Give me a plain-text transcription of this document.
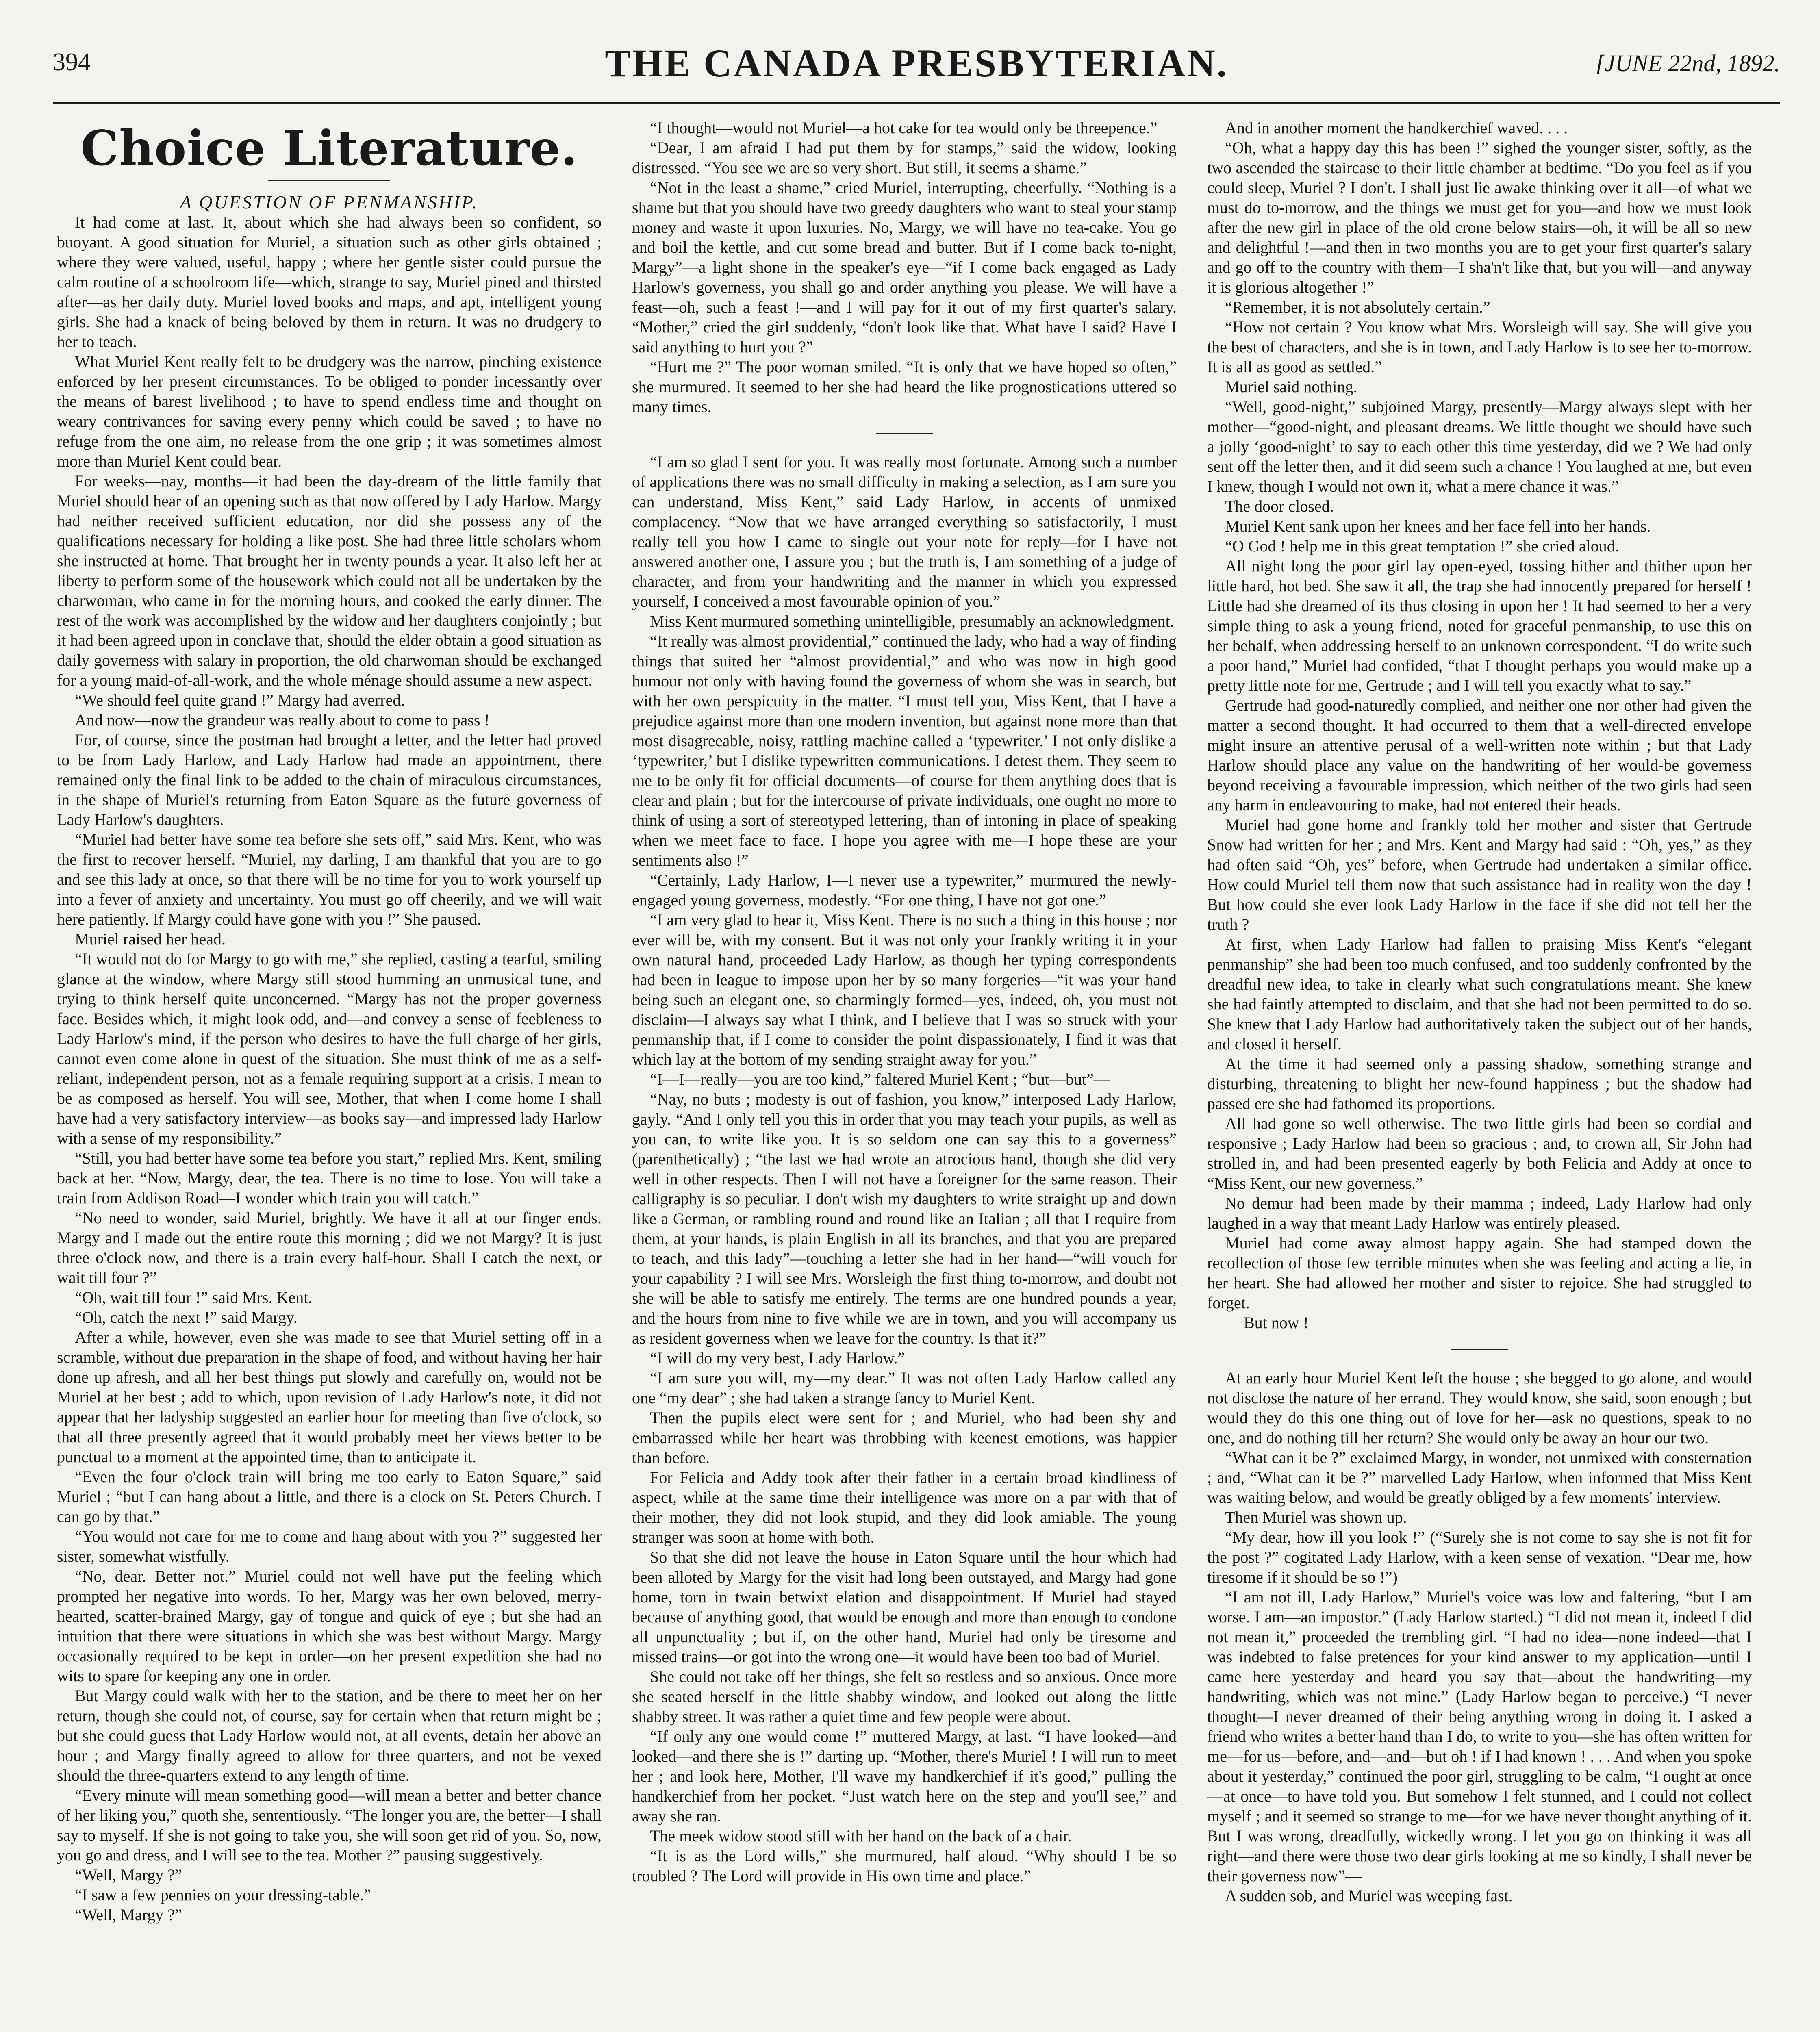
394	THE CANADA PRESBYTERIAN.	[JUNE 22nd, 1892.
Choice Literature.

A QUESTION OF PENMANSHIP.

It had come at last. It, about which she had always been so confident, so buoyant. A good situation for Muriel, a situation such as other girls obtained ; where they were valued, useful, happy ; where her gentle sister could pursue the calm routine of a schoolroom life—which, strange to say, Muriel pined and thirsted after—as her daily duty. Muriel loved books and maps, and apt, intelligent young girls. She had a knack of being beloved by them in return. It was no drudgery to her to teach.

What Muriel Kent really felt to be drudgery was the narrow, pinching existence enforced by her present circumstances. To be obliged to ponder incessantly over the means of barest livelihood ; to have to spend endless time and thought on weary contrivances for saving every penny which could be saved ; to have no refuge from the one aim, no release from the one grip ; it was sometimes almost more than Muriel Kent could bear.

For weeks—nay, months—it had been the day-dream of the little family that Muriel should hear of an opening such as that now offered by Lady Harlow. Margy had neither received sufficient education, nor did she possess any of the qualifications necessary for holding a like post. She had three little scholars whom she instructed at home. That brought her in twenty pounds a year. It also left her at liberty to perform some of the housework which could not all be undertaken by the charwoman, who came in for the morning hours, and cooked the early dinner. The rest of the work was accomplished by the widow and her daughters conjointly ; but it had been agreed upon in conclave that, should the elder obtain a good situation as daily governess with salary in proportion, the old charwoman should be exchanged for a young maid-of-all-work, and the whole ménage should assume a new aspect.

“We should feel quite grand !” Margy had averred.

And now—now the grandeur was really about to come to pass !

For, of course, since the postman had brought a letter, and the letter had proved to be from Lady Harlow, and Lady Harlow had made an appointment, there remained only the final link to be added to the chain of miraculous circumstances, in the shape of Muriel's returning from Eaton Square as the future governess of Lady Harlow's daughters.

“Muriel had better have some tea before she sets off,” said Mrs. Kent, who was the first to recover herself. “Muriel, my darling, I am thankful that you are to go and see this lady at once, so that there will be no time for you to work yourself up into a fever of anxiety and uncertainty. You must go off cheerily, and we will wait here patiently. If Margy could have gone with you !” She paused.

Muriel raised her head.

“It would not do for Margy to go with me,” she replied, casting a tearful, smiling glance at the window, where Margy still stood humming an unmusical tune, and trying to think herself quite unconcerned. “Margy has not the proper governess face. Besides which, it might look odd, and—and convey a sense of feebleness to Lady Harlow's mind, if the person who desires to have the full charge of her girls, cannot even come alone in quest of the situation. She must think of me as a self-reliant, independent person, not as a female requiring support at a crisis. I mean to be as composed as herself. You will see, Mother, that when I come home I shall have had a very satisfactory interview—as books say—and impressed lady Harlow with a sense of my responsibility.”

“Still, you had better have some tea before you start,” replied Mrs. Kent, smiling back at her. “Now, Margy, dear, the tea. There is no time to lose. You will take a train from Addison Road—I wonder which train you will catch.”

“No need to wonder, said Muriel, brightly. We have it all at our finger ends. Margy and I made out the entire route this morning ; did we not Margy? It is just three o'clock now, and there is a train every half-hour. Shall I catch the next, or wait till four ?”

“Oh, wait till four !” said Mrs. Kent.

“Oh, catch the next !” said Margy.

After a while, however, even she was made to see that Muriel setting off in a scramble, without due preparation in the shape of food, and without having her hair done up afresh, and all her best things put slowly and carefully on, would not be Muriel at her best ; add to which, upon revision of Lady Harlow's note, it did not appear that her ladyship suggested an earlier hour for meeting than five o'clock, so that all three presently agreed that it would probably meet her views better to be punctual to a moment at the appointed time, than to anticipate it.

“Even the four o'clock train will bring me too early to Eaton Square,” said Muriel ; “but I can hang about a little, and there is a clock on St. Peters Church. I can go by that.”

“You would not care for me to come and hang about with you ?” suggested her sister, somewhat wistfully.

“No, dear. Better not.” Muriel could not well have put the feeling which prompted her negative into words. To her, Margy was her own beloved, merry-hearted, scatter-brained Margy, gay of tongue and quick of eye ; but she had an intuition that there were situations in which she was best without Margy. Margy occasionally required to be kept in order—on her present expedition she had no wits to spare for keeping any one in order.

But Margy could walk with her to the station, and be there to meet her on her return, though she could not, of course, say for certain when that return might be ; but she could guess that Lady Harlow would not, at all events, detain her above an hour ; and Margy finally agreed to allow for three quarters, and not be vexed should the three-quarters extend to any length of time.

“Every minute will mean something good—will mean a better and better chance of her liking you,” quoth she, sententiously. “The longer you are, the better—I shall say to myself. If she is not going to take you, she will soon get rid of you. So, now, you go and dress, and I will see to the tea. Mother ?” pausing suggestively.

“Well, Margy ?”

“I saw a few pennies on your dressing-table.”

“Well, Margy ?”

“I thought—would not Muriel—a hot cake for tea would only be threepence.”

“Dear, I am afraid I had put them by for stamps,” said the widow, looking distressed. “You see we are so very short. But still, it seems a shame.”

“Not in the least a shame,” cried Muriel, interrupting, cheerfully. “Nothing is a shame but that you should have two greedy daughters who want to steal your stamp money and waste it upon luxuries. No, Margy, we will have no tea-cake. You go and boil the kettle, and cut some bread and butter. But if I come back to-night, Margy”—a light shone in the speaker's eye—“if I come back engaged as Lady Harlow's governess, you shall go and order anything you please. We will have a feast—oh, such a feast !—and I will pay for it out of my first quarter's salary. “Mother,” cried the girl suddenly, “don't look like that. What have I said? Have I said anything to hurt you ?”

“Hurt me ?” The poor woman smiled. “It is only that we have hoped so often,” she murmured. It seemed to her she had heard the like prognostications uttered so many times.

“I am so glad I sent for you. It was really most fortunate. Among such a number of applications there was no small difficulty in making a selection, as I am sure you can understand, Miss Kent,” said Lady Harlow, in accents of unmixed complacency. “Now that we have arranged everything so satisfactorily, I must really tell you how I came to single out your note for reply—for I have not answered another one, I assure you ; but the truth is, I am something of a judge of character, and from your handwriting and the manner in which you expressed yourself, I conceived a most favourable opinion of you.”

Miss Kent murmured something unintelligible, presumably an acknowledgment.

“It really was almost providential,” continued the lady, who had a way of finding things that suited her “almost providential,” and who was now in high good humour not only with having found the governess of whom she was in search, but with her own perspicuity in the matter. “I must tell you, Miss Kent, that I have a prejudice against more than one modern invention, but against none more than that most disagreeable, noisy, rattling machine called a ‘typewriter.’ I not only dislike a ‘typewriter,’ but I dislike typewritten communications. I detest them. They seem to me to be only fit for official documents—of course for them anything does that is clear and plain ; but for the intercourse of private individuals, one ought no more to think of using a sort of stereotyped lettering, than of intoning in place of speaking when we meet face to face. I hope you agree with me—I hope these are your sentiments also !”

“Certainly, Lady Harlow, I—I never use a typewriter,” murmured the newly-engaged young governess, modestly. “For one thing, I have not got one.”

“I am very glad to hear it, Miss Kent. There is no such a thing in this house ; nor ever will be, with my consent. But it was not only your frankly writing it in your own natural hand, proceeded Lady Harlow, as though her typing correspondents had been in league to impose upon her by so many forgeries—“it was your hand being such an elegant one, so charmingly formed—yes, indeed, oh, you must not disclaim—I always say what I think, and I believe that I was so struck with your penmanship that, if I come to consider the point dispassionately, I find it was that which lay at the bottom of my sending straight away for you.”

“I—I—really—you are too kind,” faltered Muriel Kent ; “but—but”—

“Nay, no buts ; modesty is out of fashion, you know,” interposed Lady Harlow, gayly. “And I only tell you this in order that you may teach your pupils, as well as you can, to write like you. It is so seldom one can say this to a governess” (parenthetically) ; “the last we had wrote an atrocious hand, though she did very well in other respects. Then I will not have a foreigner for the same reason. Their calligraphy is so peculiar. I don't wish my daughters to write straight up and down like a German, or rambling round and round like an Italian ; all that I require from them, at your hands, is plain English in all its branches, and that you are prepared to teach, and this lady”—touching a letter she had in her hand—“will vouch for your capability ? I will see Mrs. Worsleigh the first thing to-morrow, and doubt not she will be able to satisfy me entirely. The terms are one hundred pounds a year, and the hours from nine to five while we are in town, and you will accompany us as resident governess when we leave for the country. Is that it?”

“I will do my very best, Lady Harlow.”

“I am sure you will, my—my dear.” It was not often Lady Harlow called any one “my dear” ; she had taken a strange fancy to Muriel Kent.

Then the pupils elect were sent for ; and Muriel, who had been shy and embarrassed while her heart was throbbing with keenest emotions, was happier than before.

For Felicia and Addy took after their father in a certain broad kindliness of aspect, while at the same time their intelligence was more on a par with that of their mother, they did not look stupid, and they did look amiable. The young stranger was soon at home with both.

So that she did not leave the house in Eaton Square until the hour which had been alloted by Margy for the visit had long been outstayed, and Margy had gone home, torn in twain betwixt elation and disappointment. If Muriel had stayed because of anything good, that would be enough and more than enough to condone all unpunctuality ; but if, on the other hand, Muriel had only be tiresome and missed trains—or got into the wrong one—it would have been too bad of Muriel.

She could not take off her things, she felt so restless and so anxious. Once more she seated herself in the little shabby window, and looked out along the little shabby street. It was rather a quiet time and few people were about.

“If only any one would come !” muttered Margy, at last. “I have looked—and looked—and there she is !” darting up. “Mother, there's Muriel ! I will run to meet her ; and look here, Mother, I'll wave my handkerchief if it's good,” pulling the handkerchief from her pocket. “Just watch here on the step and you'll see,” and away she ran.

The meek widow stood still with her hand on the back of a chair.

“It is as the Lord wills,” she murmured, half aloud. “Why should I be so troubled ? The Lord will provide in His own time and place.”

And in another moment the handkerchief waved. . . .

“Oh, what a happy day this has been !” sighed the younger sister, softly, as the two ascended the staircase to their little chamber at bedtime. “Do you feel as if you could sleep, Muriel ? I don't. I shall just lie awake thinking over it all—of what we must do to-morrow, and the things we must get for you—and how we must look after the new girl in place of the old crone below stairs—oh, it will be all so new and delightful !—and then in two months you are to get your first quarter's salary and go off to the country with them—I sha'n't like that, but you will—and anyway it is glorious altogether !”

“Remember, it is not absolutely certain.”

“How not certain ? You know what Mrs. Worsleigh will say. She will give you the best of characters, and she is in town, and Lady Harlow is to see her to-morrow. It is all as good as settled.”

Muriel said nothing.

“Well, good-night,” subjoined Margy, presently—Margy always slept with her mother—“good-night, and pleasant dreams. We little thought we should have such a jolly ‘good-night’ to say to each other this time yesterday, did we ? We had only sent off the letter then, and it did seem such a chance ! You laughed at me, but even I knew, though I would not own it, what a mere chance it was.”

The door closed.

Muriel Kent sank upon her knees and her face fell into her hands.

“O God ! help me in this great temptation !” she cried aloud.

All night long the poor girl lay open-eyed, tossing hither and thither upon her little hard, hot bed. She saw it all, the trap she had innocently prepared for herself ! Little had she dreamed of its thus closing in upon her ! It had seemed to her a very simple thing to ask a young friend, noted for graceful penmanship, to use this on her behalf, when addressing herself to an unknown correspondent. “I do write such a poor hand,” Muriel had confided, “that I thought perhaps you would make up a pretty little note for me, Gertrude ; and I will tell you exactly what to say.”

Gertrude had good-naturedly complied, and neither one nor other had given the matter a second thought. It had occurred to them that a well-directed envelope might insure an attentive perusal of a well-written note within ; but that Lady Harlow should place any value on the handwriting of her would-be governess beyond receiving a favourable impression, which neither of the two girls had seen any harm in endeavouring to make, had not entered their heads.

Muriel had gone home and frankly told her mother and sister that Gertrude Snow had written for her ; and Mrs. Kent and Margy had said : “Oh, yes,” as they had often said “Oh, yes” before, when Gertrude had undertaken a similar office. How could Muriel tell them now that such assistance had in reality won the day ! But how could she ever look Lady Harlow in the face if she did not tell her the truth ?

At first, when Lady Harlow had fallen to praising Miss Kent's “elegant penmanship” she had been too much confused, and too suddenly confronted by the dreadful new idea, to take in clearly what such congratulations meant. She knew she had faintly attempted to disclaim, and that she had not been permitted to do so. She knew that Lady Harlow had authoritatively taken the subject out of her hands, and closed it herself.

At the time it had seemed only a passing shadow, something strange and disturbing, threatening to blight her new-found happiness ; but the shadow had passed ere she had fathomed its proportions.

All had gone so well otherwise. The two little girls had been so cordial and responsive ; Lady Harlow had been so gracious ; and, to crown all, Sir John had strolled in, and had been presented eagerly by both Felicia and Addy at once to “Miss Kent, our new governess.”

No demur had been made by their mamma ; indeed, Lady Harlow had only laughed in a way that meant Lady Harlow was entirely pleased.

Muriel had come away almost happy again. She had stamped down the recollection of those few terrible minutes when she was feeling and acting a lie, in her heart. She had allowed her mother and sister to rejoice. She had struggled to forget.

But now !

At an early hour Muriel Kent left the house ; she begged to go alone, and would not disclose the nature of her errand. They would know, she said, soon enough ; but would they do this one thing out of love for her—ask no questions, speak to no one, and do nothing till her return? She would only be away an hour our two.

“What can it be ?” exclaimed Margy, in wonder, not unmixed with consternation ; and, “What can it be ?” marvelled Lady Harlow, when informed that Miss Kent was waiting below, and would be greatly obliged by a few moments' interview.

Then Muriel was shown up.

“My dear, how ill you look !” (“Surely she is not come to say she is not fit for the post ?” cogitated Lady Harlow, with a keen sense of vexation. “Dear me, how tiresome if it should be so !”)

“I am not ill, Lady Harlow,” Muriel's voice was low and faltering, “but I am worse. I am—an impostor.” (Lady Harlow started.) “I did not mean it, indeed I did not mean it,” proceeded the trembling girl. “I had no idea—none indeed—that I was indebted to false pretences for your kind answer to my application—until I came here yesterday and heard you say that—about the handwriting—my handwriting, which was not mine.” (Lady Harlow began to perceive.) “I never thought—I never dreamed of their being anything wrong in doing it. I asked a friend who writes a better hand than I do, to write to you—she has often written for me—for us—before, and—and—but oh ! if I had known ! . . . And when you spoke about it yesterday,” continued the poor girl, struggling to be calm, “I ought at once—at once—to have told you. But somehow I felt stunned, and I could not collect myself ; and it seemed so strange to me—for we have never thought anything of it. But I was wrong, dreadfully, wickedly wrong. I let you go on thinking it was all right—and there were those two dear girls looking at me so kindly, I shall never be their governess now”—

A sudden sob, and Muriel was weeping fast.
